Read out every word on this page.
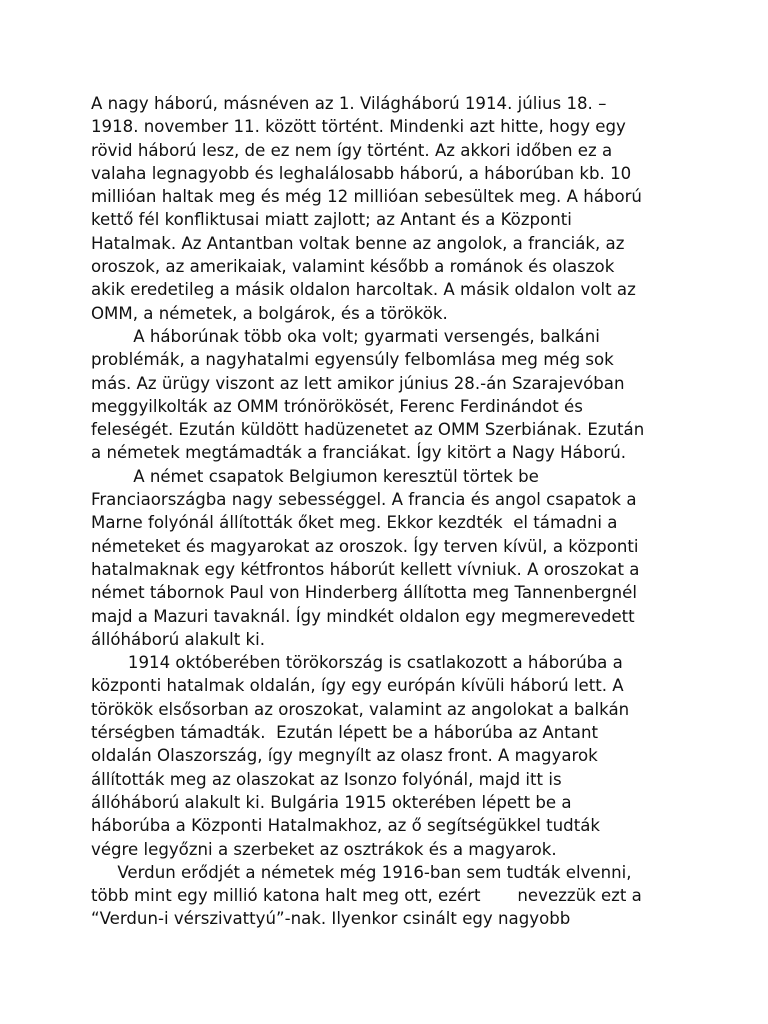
A nagy háború, másnéven az 1. Világháború 1914. július 18. –
1918. november 11. között történt. Mindenki azt hitte, hogy egy
rövid háború lesz, de ez nem így történt. Az akkori időben ez a
valaha legnagyobb és leghalálosabb háború, a háborúban kb. 10
millióan haltak meg és még 12 millióan sebesültek meg. A háború
kettő fél konfliktusai miatt zajlott; az Antant és a Központi
Hatalmak. Az Antantban voltak benne az angolok, a franciák, az
oroszok, az amerikaiak, valamint később a románok és olaszok
akik eredetileg a másik oldalon harcoltak. A másik oldalon volt az
OMM, a németek, a bolgárok, és a törökök.
A háborúnak több oka volt; gyarmati versengés, balkáni
problémák, a nagyhatalmi egyensúly felbomlása meg még sok
más. Az ürügy viszont az lett amikor június 28.-án Szarajevóban
meggyilkolták az OMM trónörökösét, Ferenc Ferdinándot és
feleségét. Ezután küldött hadüzenetet az OMM Szerbiának. Ezután
a németek megtámadták a franciákat. Így kitört a Nagy Háború.
A német csapatok Belgiumon keresztül törtek be
Franciaországba nagy sebességgel. A francia és angol csapatok a
Marne folyónál állították őket meg. Ekkor kezdték  el támadni a
németeket és magyarokat az oroszok. Így terven kívül, a központi
hatalmaknak egy kétfrontos háborút kellett vívniuk. A oroszokat a
német tábornok Paul von Hinderberg állította meg Tannenbergnél
majd a Mazuri tavaknál. Így mindkét oldalon egy megmerevedett
állóháború alakult ki.
1914 októberében törökország is csatlakozott a háborúba a
központi hatalmak oldalán, így egy európán kívüli háború lett. A
törökök elsősorban az oroszokat, valamint az angolokat a balkán
térségben támadták.  Ezután lépett be a háborúba az Antant
oldalán Olaszország, így megnyílt az olasz front. A magyarok
állították meg az olaszokat az Isonzo folyónál, majd itt is
állóháború alakult ki. Bulgária 1915 okterében lépett be a
háborúba a Központi Hatalmakhoz, az ő segítségükkel tudták
végre legyőzni a szerbeket az osztrákok és a magyarok.
Verdun erődjét a németek még 1916-ban sem tudták elvenni,
több mint egy millió katona halt meg ott, ezért       nevezzük ezt a
“Verdun-i vérszivattyú”-nak. Ilyenkor csinált egy nagyobb
